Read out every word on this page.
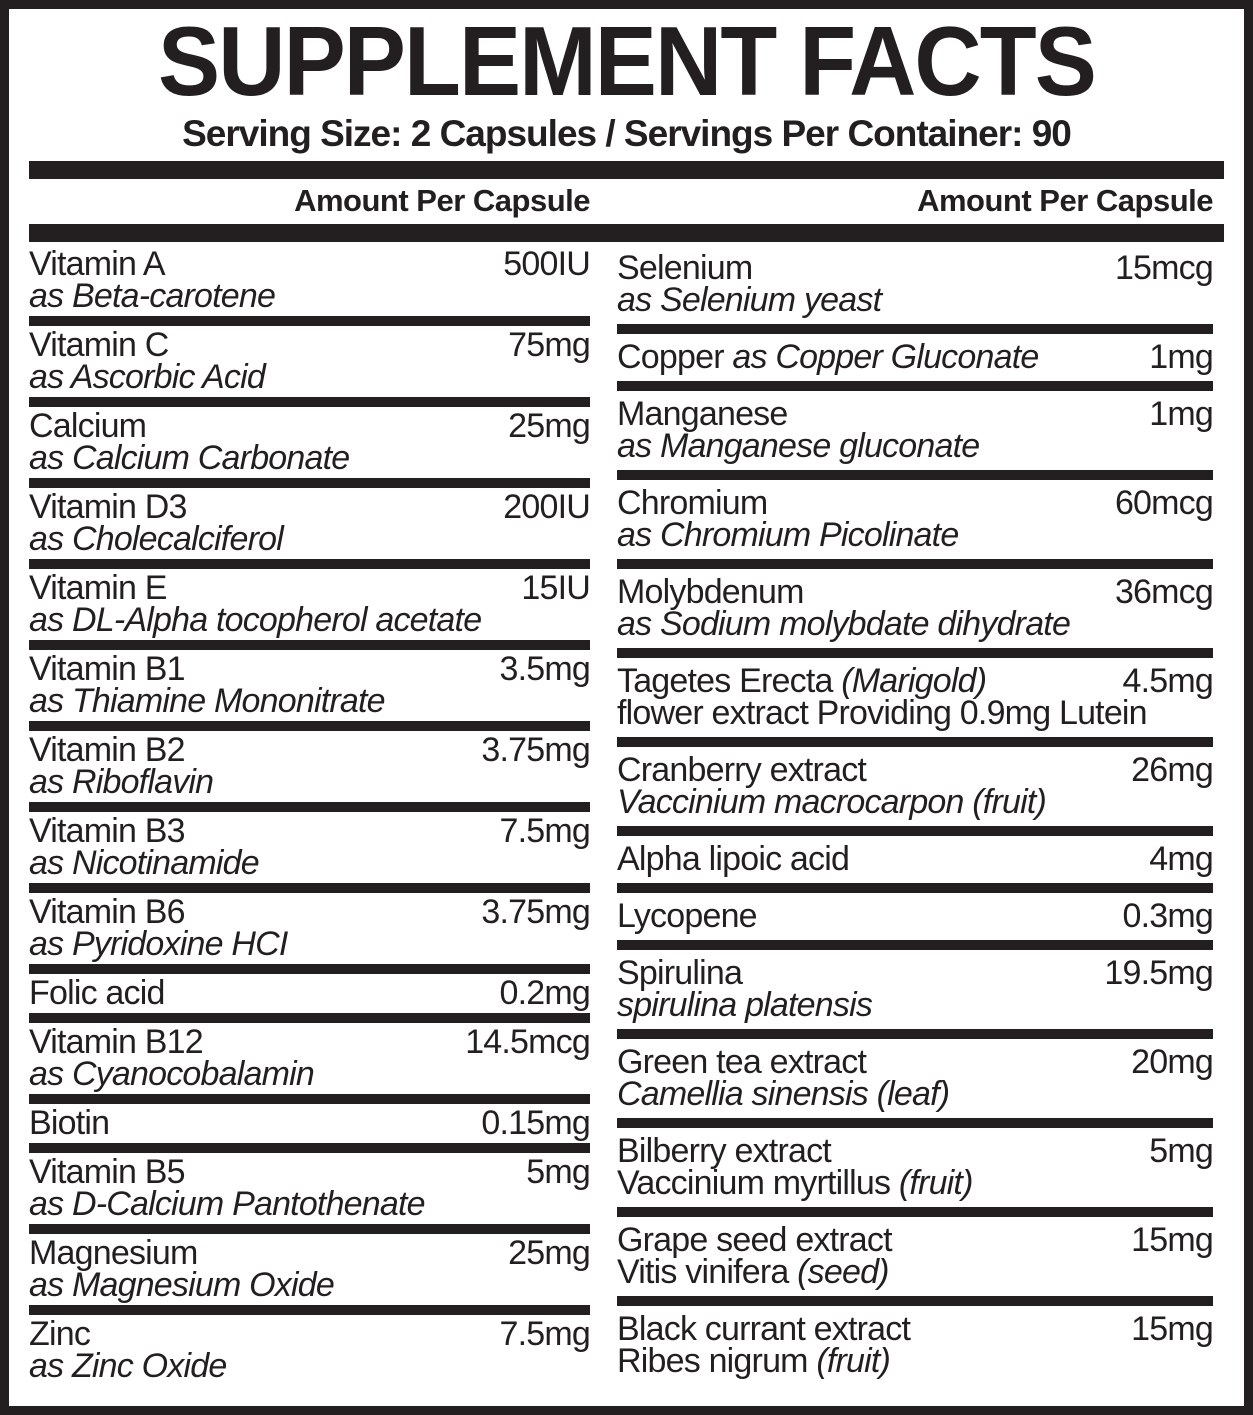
SUPPLEMENT FACTS
Serving Size: 2 Capsules / Servings Per Container: 90
Amount Per Capsule	Amount Per Capsule
Vitamin A	500IU
as Beta-carotene
Vitamin C	75mg
as Ascorbic Acid
Calcium	25mg
as Calcium Carbonate
Vitamin D3	200IU
as Cholecalciferol
Vitamin E	15IU
as DL-Alpha tocopherol acetate
Vitamin B1	3.5mg
as Thiamine Mononitrate
Vitamin B2	3.75mg
as Riboflavin
Vitamin B3	7.5mg
as Nicotinamide
Vitamin B6	3.75mg
as Pyridoxine HCI
Folic acid	0.2mg
Vitamin B12	14.5mcg
as Cyanocobalamin
Biotin	0.15mg
Vitamin B5	5mg
as D-Calcium Pantothenate
Magnesium	25mg
as Magnesium Oxide
Zinc	7.5mg
as Zinc Oxide
Selenium	15mcg
as Selenium yeast
Copper as Copper Gluconate	1mg
Manganese	1mg
as Manganese gluconate
Chromium	60mcg
as Chromium Picolinate
Molybdenum	36mcg
as Sodium molybdate dihydrate
Tagetes Erecta (Marigold)	4.5mg
flower extract Providing 0.9mg Lutein
Cranberry extract	26mg
Vaccinium macrocarpon (fruit)
Alpha lipoic acid	4mg
Lycopene	0.3mg
Spirulina	19.5mg
spirulina platensis
Green tea extract	20mg
Camellia sinensis (leaf)
Bilberry extract	5mg
Vaccinium myrtillus (fruit)
Grape seed extract	15mg
Vitis vinifera (seed)
Black currant extract	15mg
Ribes nigrum (fruit)
